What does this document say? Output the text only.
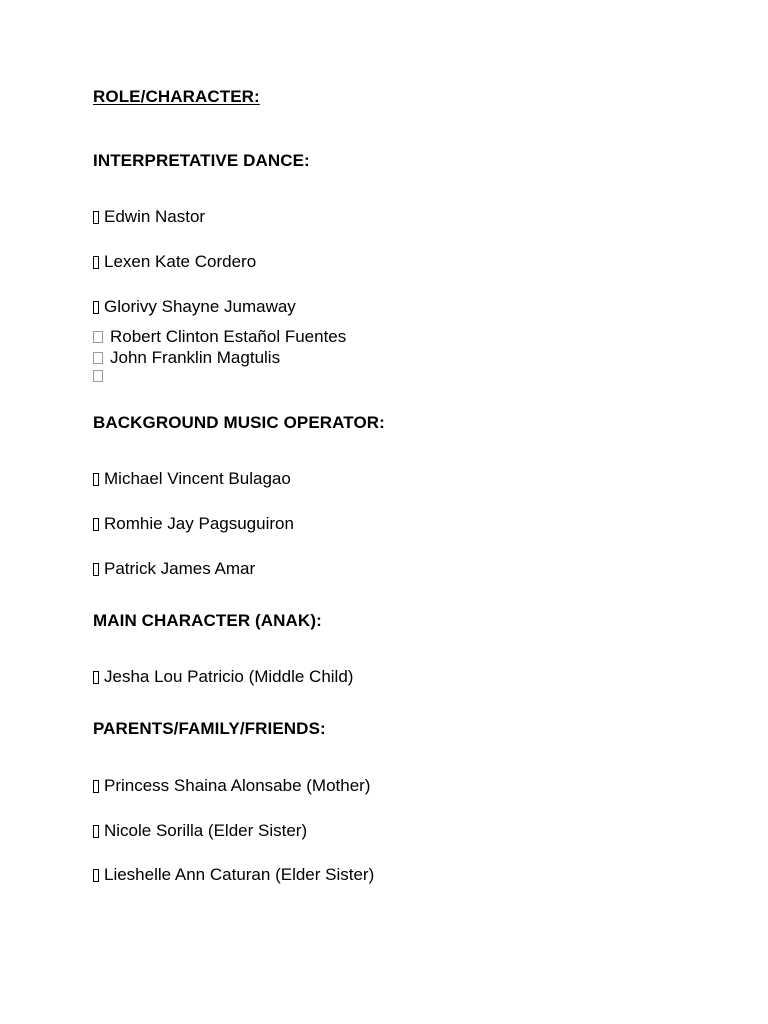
ROLE/CHARACTER:
INTERPRETATIVE DANCE:
Edwin Nastor
Lexen Kate Cordero
Glorivy Shayne Jumaway
Robert Clinton Estañol Fuentes
John Franklin Magtulis
BACKGROUND MUSIC OPERATOR:
Michael Vincent Bulagao
Romhie Jay Pagsuguiron
Patrick James Amar
MAIN CHARACTER (ANAK):
Jesha Lou Patricio (Middle Child)
PARENTS/FAMILY/FRIENDS:
Princess Shaina Alonsabe (Mother)
Nicole Sorilla (Elder Sister)
Lieshelle Ann Caturan (Elder Sister)
